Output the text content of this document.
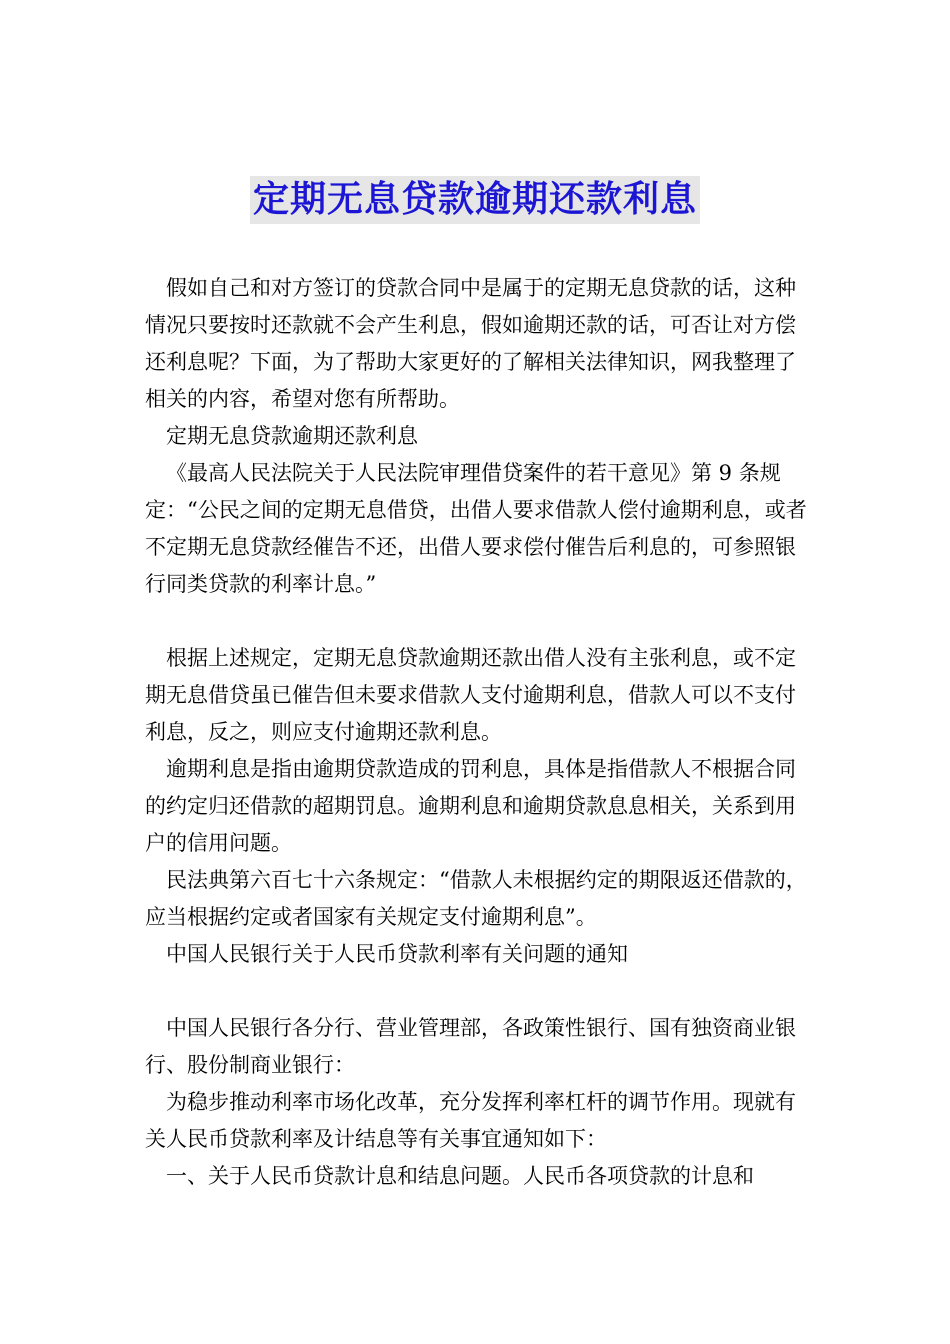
定期无息贷款逾期还款利息

假如自己和对方签订的贷款合同中是属于的定期无息贷款的话，这种情况只要按时还款就不会产生利息，假如逾期还款的话，可否让对方偿还利息呢？下面，为了帮助大家更好的了解相关法律知识，网我整理了相关的内容，希望对您有所帮助。

定期无息贷款逾期还款利息

《最高人民法院关于人民法院审理借贷案件的若干意见》第 9 条规定：“公民之间的定期无息借贷，出借人要求借款人偿付逾期利息，或者不定期无息贷款经催告不还，出借人要求偿付催告后利息的，可参照银行同类贷款的利率计息。”

根据上述规定，定期无息贷款逾期还款出借人没有主张利息，或不定期无息借贷虽已催告但未要求借款人支付逾期利息，借款人可以不支付利息，反之，则应支付逾期还款利息。

逾期利息是指由逾期贷款造成的罚利息，具体是指借款人不根据合同的约定归还借款的超期罚息。逾期利息和逾期贷款息息相关，关系到用户的信用问题。

民法典第六百七十六条规定：“借款人未根据约定的期限返还借款的，应当根据约定或者国家有关规定支付逾期利息”。

中国人民银行关于人民币贷款利率有关问题的通知

中国人民银行各分行、营业管理部，各政策性银行、国有独资商业银行、股份制商业银行：

为稳步推动利率市场化改革，充分发挥利率杠杆的调节作用。现就有关人民币贷款利率及计结息等有关事宜通知如下：

一、关于人民币贷款计息和结息问题。人民币各项贷款的计息和
